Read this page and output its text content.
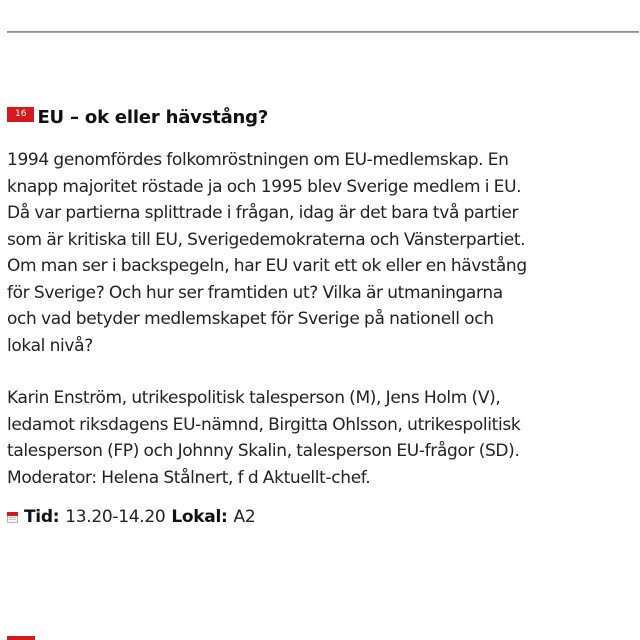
16 EU – ok eller hävstång?

1994 genomfördes folkomröstningen om EU-medlemskap. En
knapp majoritet röstade ja och 1995 blev Sverige medlem i EU.
Då var partierna splittrade i frågan, idag är det bara två partier
som är kritiska till EU, Sverigedemokraterna och Vänsterpartiet.
Om man ser i backspegeln, har EU varit ett ok eller en hävstång
för Sverige? Och hur ser framtiden ut? Vilka är utmaningarna
och vad betyder medlemskapet för Sverige på nationell och
lokal nivå?

Karin Enström, utrikespolitisk talesperson (M), Jens Holm (V),
ledamot riksdagens EU-nämnd, Birgitta Ohlsson, utrikespolitisk
talesperson (FP) och Johnny Skalin, talesperson EU-frågor (SD).
Moderator: Helena Stålnert, f d Aktuellt-chef.

Tid: 13.20-14.20 Lokal: A2
